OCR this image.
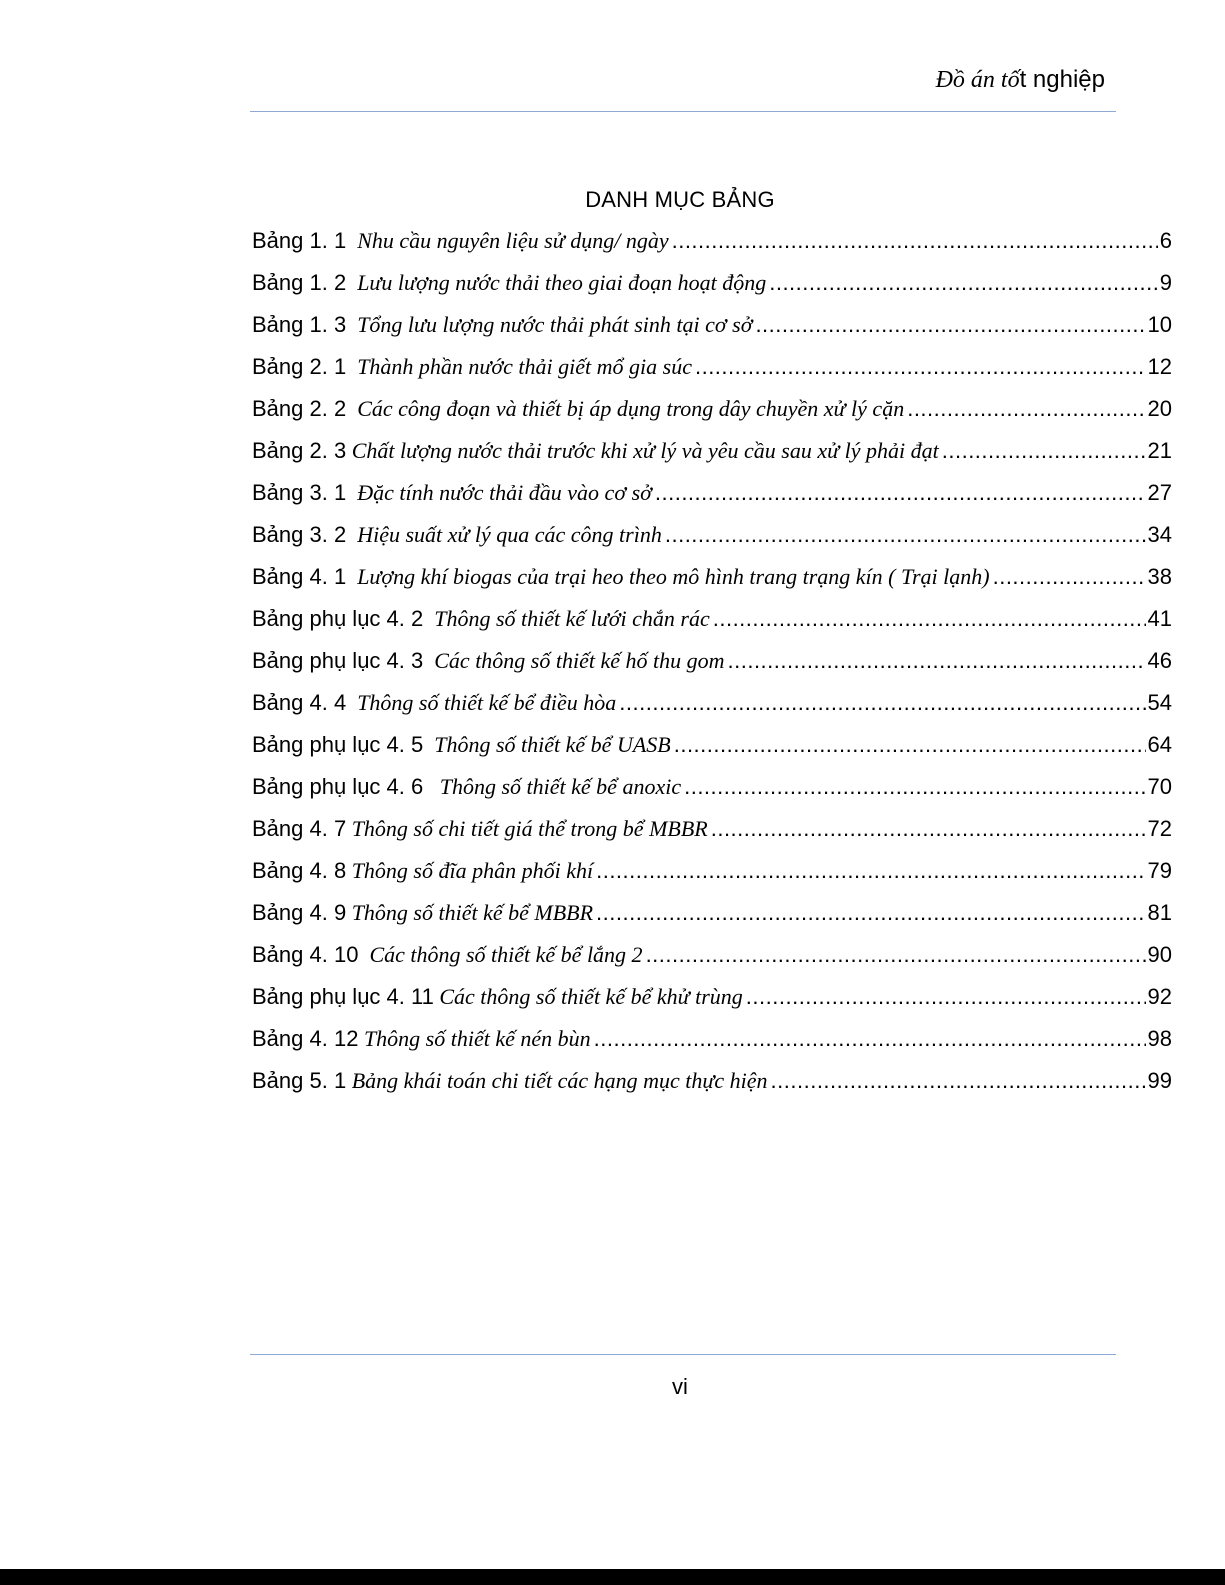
Đồ án tốt nghiệp
DANH MỤC BẢNG
Bảng 1. 1 Nhu cầu nguyên liệu sử dụng/ ngày .....	6
Bảng 1. 2 Lưu lượng nước thải theo giai đoạn hoạt động .....	9
Bảng 1. 3 Tổng lưu lượng nước thải phát sinh tại cơ sở .....	10
Bảng 2. 1 Thành phần nước thải giết mổ gia súc .....	12
Bảng 2. 2 Các công đoạn và thiết bị áp dụng trong dây chuyền xử lý cặn .....	20
Bảng 2. 3 Chất lượng nước thải trước khi xử lý và yêu cầu sau xử lý phải đạt .....	21
Bảng 3. 1 Đặc tính nước thải đầu vào cơ sở .....	27
Bảng 3. 2 Hiệu suất xử lý qua các công trình .....	34
Bảng 4. 1 Lượng khí biogas của trại heo theo mô hình trang trạng kín ( Trại lạnh) .....	38
Bảng phụ lục 4. 2 Thông số thiết kế lưới chắn rác .....	41
Bảng phụ lục 4. 3 Các thông số thiết kế hố thu gom .....	46
Bảng 4. 4 Thông số thiết kế bể điều hòa .....	54
Bảng phụ lục 4. 5 Thông số thiết kế bể UASB .....	64
Bảng phụ lục 4. 6 Thông số thiết kế bể anoxic .....	70
Bảng 4. 7 Thông số chi tiết giá thể trong bể MBBR .....	72
Bảng 4. 8 Thông số đĩa phân phối khí .....	79
Bảng 4. 9 Thông số thiết kế bể MBBR .....	81
Bảng 4. 10 Các thông số thiết kế bể lắng 2 .....	90
Bảng phụ lục 4. 11 Các thông số thiết kế bể khử trùng .....	92
Bảng 4. 12 Thông số thiết kế nén bùn .....	98
Bảng 5. 1 Bảng khái toán chi tiết các hạng mục thực hiện .....	99
vi
